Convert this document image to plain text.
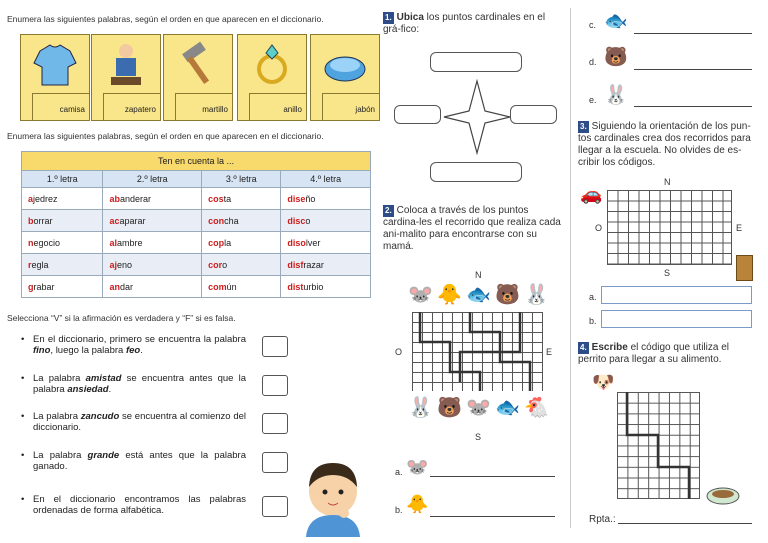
Enumera las siguientes palabras, según el orden en que aparecen en el diccionario.
camisa	zapatero	martillo	anillo	jabón
Enumera las siguientes palabras, según el orden en que aparecen en el diccionario.
Ten en cuenta la ...			
1.º letra	2.º letra	3.º letra	4.º letra
ajedrez	abanderar	costa	diseño
borrar	acaparar	concha	disco
negocio	alambre	copla	disolver
regla	ajeno	coro	disfrazar
grabar	andar	común	disturbio
Selecciona “V” si la afirmación es verdadera y “F” si es falsa.
• En el diccionario, primero se encuentra la palabra fino, luego la palabra feo.
• La palabra amistad se encuentra antes que la palabra ansiedad.
• La palabra zancudo se encuentra al comienzo del diccionario.
• La palabra grande está antes que la palabra ganado.
• En el diccionario encontramos las palabras ordenadas de forma alfabética.
1. Ubica los puntos cardinales en el grá-fico:
2. Coloca a través de los puntos cardina-les el recorrido que realiza cada ani-malito para encontrarse con su mamá.
N
🐭 🐥 🐟 🐻 🐰
O	E
🐰 🐻 🐭 🐟 🐔
S
a. 🐭
b. 🐥
c. 🐟
d. 🐻
e. 🐰
3. Siguiendo la orientación de los pun-tos cardinales crea dos recorridos para llegar a la escuela. No olvides de es-cribir los códigos.
N
🚗
O	E
S
a.
b.
4. Escribe el código que utiliza el perrito para llegar a su alimento.
🐶
Rpta.:
